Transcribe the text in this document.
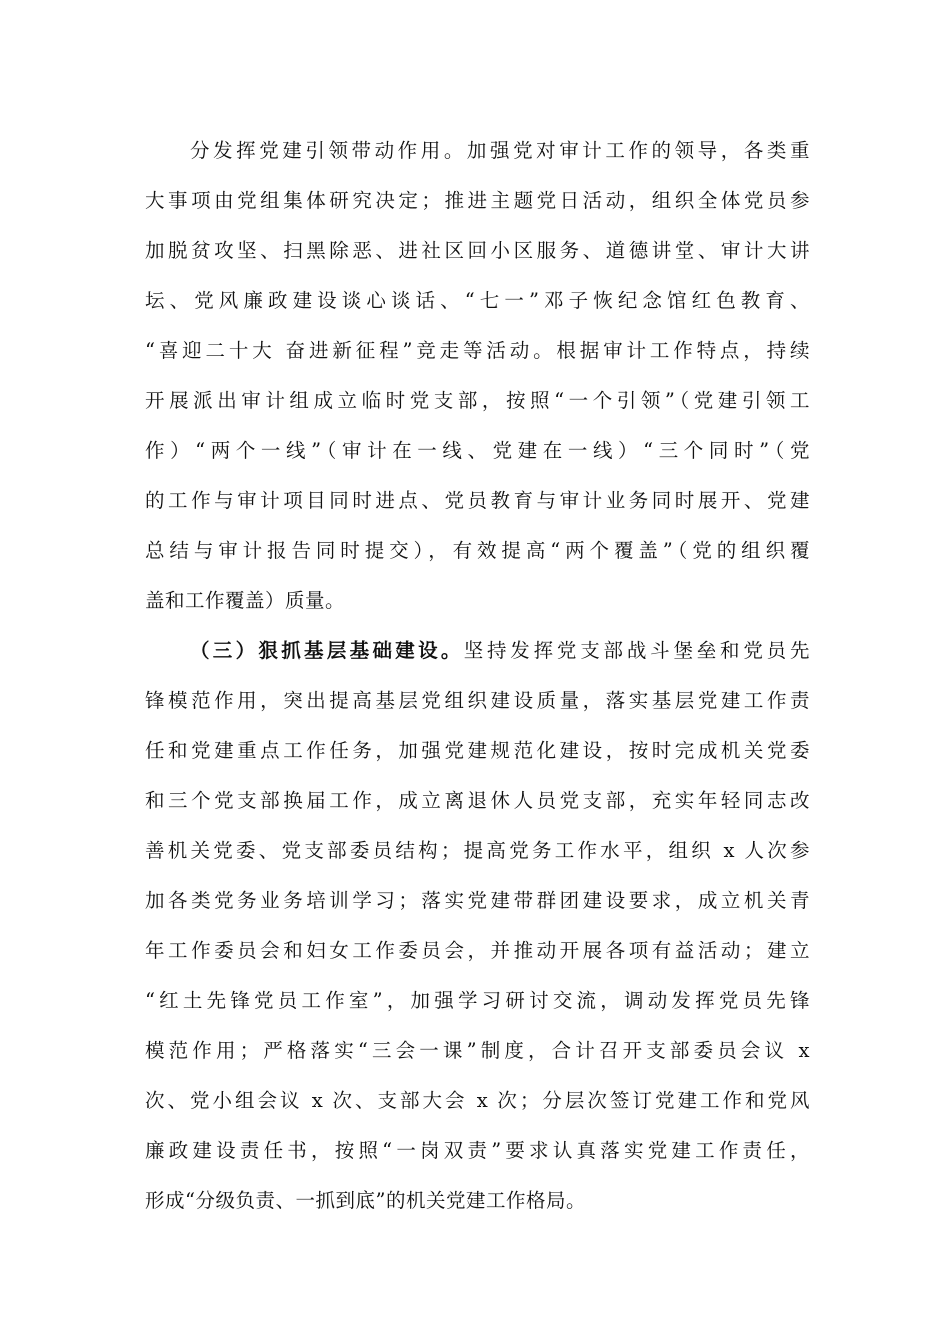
分发挥党建引领带动作用。加强党对审计工作的领导，各类重

大事项由党组集体研究决定；推进主题党日活动，组织全体党员参

加脱贫攻坚、扫黑除恶、进社区回小区服务、道德讲堂、审计大讲

坛、党风廉政建设谈心谈话、“七一”邓子恢纪念馆红色教育、

“喜迎二十大 奋进新征程”竞走等活动。根据审计工作特点，持续

开展派出审计组成立临时党支部，按照“一个引领”（党建引领工

作）“两个一线”（审计在一线、党建在一线）“三个同时”（党

的工作与审计项目同时进点、党员教育与审计业务同时展开、党建

总结与审计报告同时提交），有效提高“两个覆盖”（党的组织覆

盖和工作覆盖）质量。

（三）狠抓基层基础建设。坚持发挥党支部战斗堡垒和党员先

锋模范作用，突出提高基层党组织建设质量，落实基层党建工作责

任和党建重点工作任务，加强党建规范化建设，按时完成机关党委

和三个党支部换届工作，成立离退休人员党支部，充实年轻同志改

善机关党委、党支部委员结构；提高党务工作水平，组织 x 人次参

加各类党务业务培训学习；落实党建带群团建设要求，成立机关青

年工作委员会和妇女工作委员会，并推动开展各项有益活动；建立

“红土先锋党员工作室”，加强学习研讨交流，调动发挥党员先锋

模范作用；严格落实“三会一课”制度，合计召开支部委员会议 x

次、党小组会议 x 次、支部大会 x 次；分层次签订党建工作和党风

廉政建设责任书，按照“一岗双责”要求认真落实党建工作责任，

形成“分级负责、一抓到底”的机关党建工作格局。
